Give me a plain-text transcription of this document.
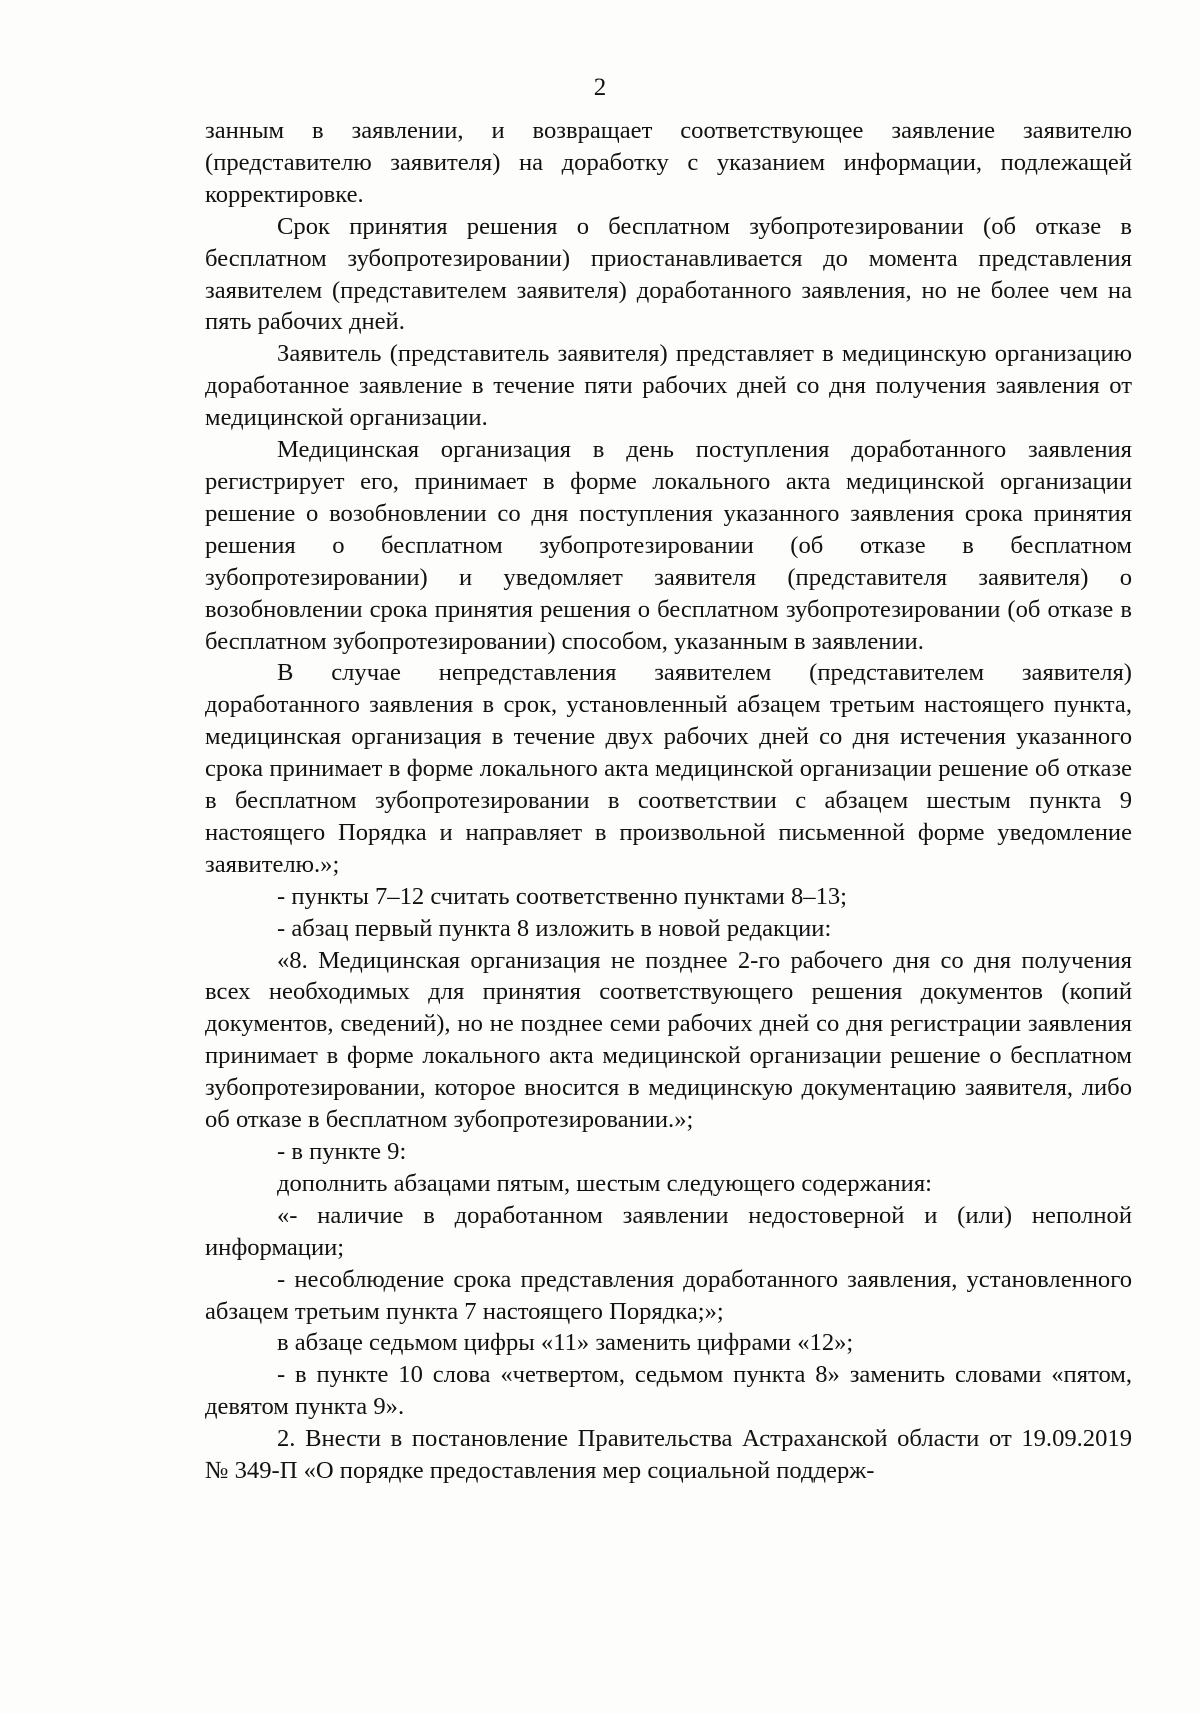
2

занным в заявлении, и возвращает соответствующее заявление заявителю (представителю заявителя) на доработку с указанием информации, подлежащей корректировке.

Срок принятия решения о бесплатном зубопротезировании (об отказе в бесплатном зубопротезировании) приостанавливается до момента представления заявителем (представителем заявителя) доработанного заявления, но не более чем на пять рабочих дней.

Заявитель (представитель заявителя) представляет в медицинскую организацию доработанное заявление в течение пяти рабочих дней со дня получения заявления от медицинской организации.

Медицинская организация в день поступления доработанного заявления регистрирует его, принимает в форме локального акта медицинской организации решение о возобновлении со дня поступления указанного заявления срока принятия решения о бесплатном зубопротезировании (об отказе в бесплатном зубопротезировании) и уведомляет заявителя (представителя заявителя) о возобновлении срока принятия решения о бесплатном зубопротезировании (об отказе в бесплатном зубопротезировании) способом, указанным в заявлении.

В случае непредставления заявителем (представителем заявителя) доработанного заявления в срок, установленный абзацем третьим настоящего пункта, медицинская организация в течение двух рабочих дней со дня истечения указанного срока принимает в форме локального акта медицинской организации решение об отказе в бесплатном зубопротезировании в соответствии с абзацем шестым пункта 9 настоящего Порядка и направляет в произвольной письменной форме уведомление заявителю.»;

- пункты 7–12 считать соответственно пунктами 8–13;

- абзац первый пункта 8 изложить в новой редакции:

«8. Медицинская организация не позднее 2-го рабочего дня со дня получения всех необходимых для принятия соответствующего решения документов (копий документов, сведений), но не позднее семи рабочих дней со дня регистрации заявления принимает в форме локального акта медицинской организации решение о бесплатном зубопротезировании, которое вносится в медицинскую документацию заявителя, либо об отказе в бесплатном зубопротезировании.»;

- в пункте 9:

дополнить абзацами пятым, шестым следующего содержания:

«- наличие в доработанном заявлении недостоверной и (или) неполной информации;

- несоблюдение срока представления доработанного заявления, установленного абзацем третьим пункта 7 настоящего Порядка;»;

в абзаце седьмом цифры «11» заменить цифрами «12»;

- в пункте 10 слова «четвертом, седьмом пункта 8» заменить словами «пятом, девятом пункта 9».

2. Внести в постановление Правительства Астраханской области от 19.09.2019 № 349-П «О порядке предоставления мер социальной поддерж-
